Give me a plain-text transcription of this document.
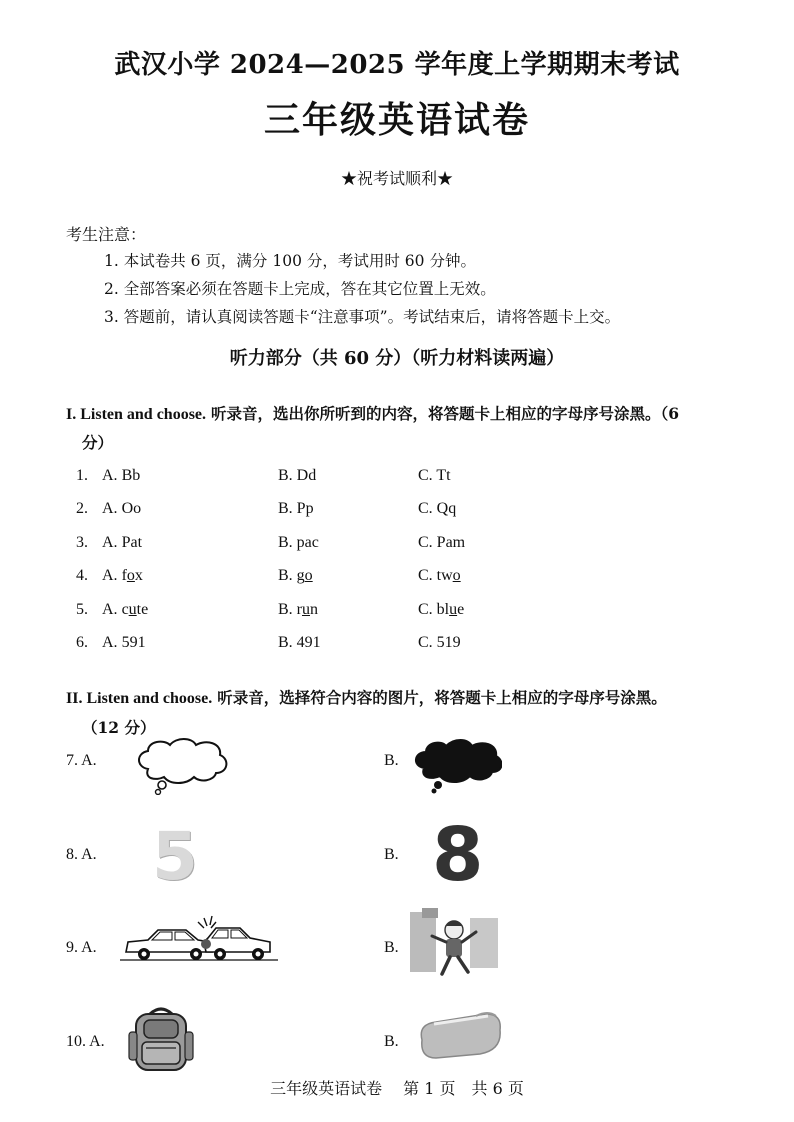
武汉小学 2024—2025 学年度上学期期末考试
三年级英语试卷
★祝考试顺利★
考生注意：
1. 本试卷共 6 页，满分 100 分，考试用时 60 分钟。
2. 全部答案必须在答题卡上完成，答在其它位置上无效。
3. 答题前，请认真阅读答题卡“注意事项”。考试结束后，请将答题卡上交。
听力部分（共 60 分）（听力材料读两遍）
I. Listen and choose. 听录音，选出你所听到的内容，将答题卡上相应的字母序号涂黑。（6
分）
1. A. Bb	B. Dd	C. Tt
2. A. Oo	B. Pp	C. Qq
3. A. Pat	B. pac	C. Pam
4. A. fox	B. go	C. two
5. A. cute	B. run	C. blue
6. A. 591	B. 491	C. 519
II. Listen and choose. 听录音，选择符合内容的图片，将答题卡上相应的字母序号涂黑。
（12 分）
7. A.	B.
8. A. 5	B. 8
9. A.	B.
10. A.	B.
三年级英语试卷　 第 1 页　共 6 页
